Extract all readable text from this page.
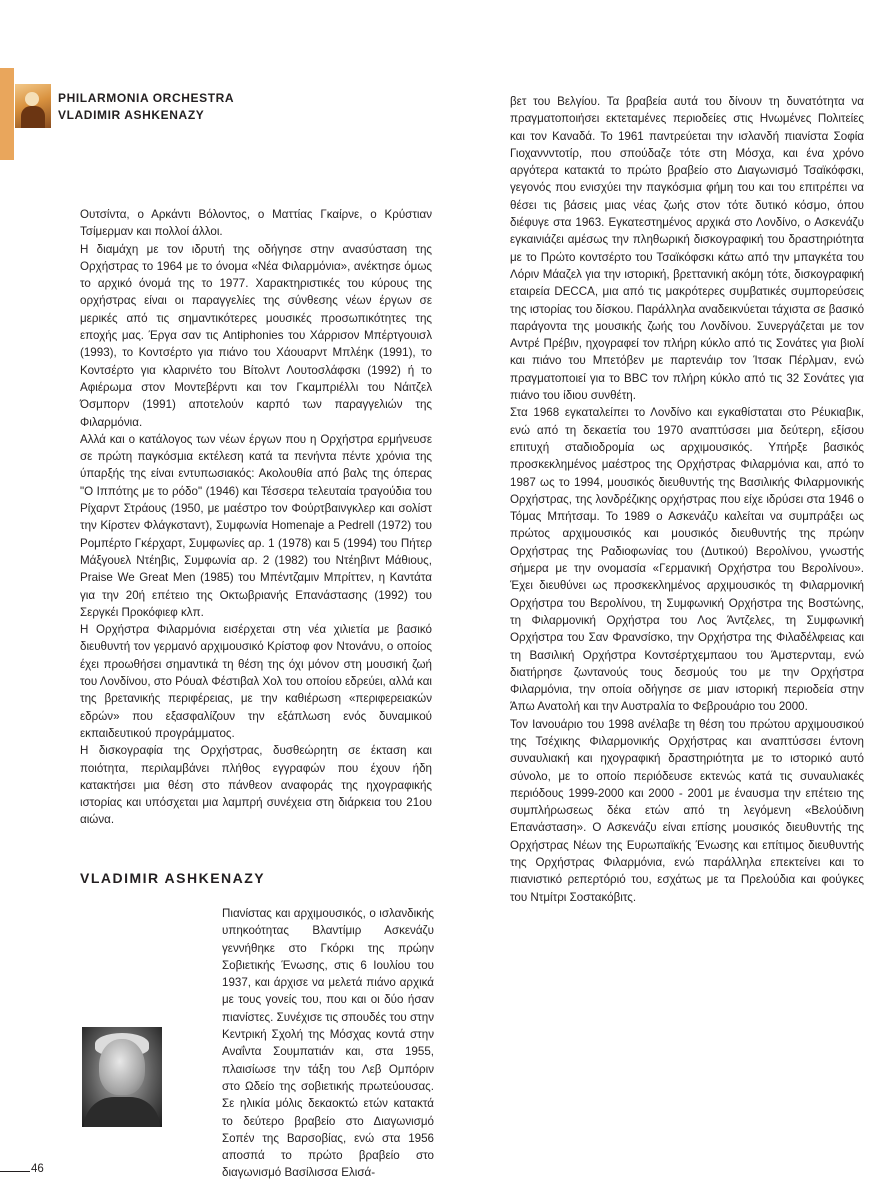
PHILARMONIA ORCHESTRA
VLADIMIR ASHKENAZY

Ουτσίντα, ο Αρκάντι Βόλοντος, ο Ματτίας Γκαίρνε, ο Κρύστιαν Τσίμερμαν και πολλοί άλλοι.

Η διαμάχη με τον ιδρυτή της οδήγησε στην ανασύσταση της Ορχήστρας το 1964 με το όνομα «Νέα Φιλαρμόνια», ανέκτησε όμως το αρχικό όνομά της το 1977. Χαρακτηριστικές του κύρους της ορχήστρας είναι οι παραγγελίες της σύνθεσης νέων έργων σε μερικές από τις σημαντικότερες μουσικές προσωπικότητες της εποχής μας. Έργα σαν τις Antiphonies του Χάρρισον Μπέρτγουισλ (1993), το Κοντσέρτο για πιάνο του Χάουαρντ Μπλέηκ (1991), το Κοντσέρτο για κλαρινέτο του Βίτολντ Λουτοσλάφσκι (1992) ή το Αφιέρωμα στον Μοντεβέρντι και τον Γκαμπριέλλι του Νάιτζελ Όσμπορν (1991) αποτελούν καρπό των παραγγελιών της Φιλαρμόνια.

Αλλά και ο κατάλογος των νέων έργων που η Ορχήστρα ερμήνευσε σε πρώτη παγκόσμια εκτέλεση κατά τα πενήντα πέντε χρόνια της ύπαρξής της είναι εντυπωσιακός: Ακολουθία από βαλς της όπερας "Ο Ιππότης με το ρόδο" (1946) και Τέσσερα τελευταία τραγούδια του Ρίχαρντ Στράους (1950, με μαέστρο τον Φούρτβαινγκλερ και σολίστ την Κίρστεν Φλάγκσταντ), Συμφωνία Homenaje a Pedrell (1972) του Ρομπέρτο Γκέρχαρτ, Συμφωνίες αρ. 1 (1978) και 5 (1994) του Πήτερ Μάξγουελ Ντέηβις, Συμφωνία αρ. 2 (1982) του Ντέηβιντ Μάθιους, Praise We Great Men (1985) του Μπέντζαμιν Μπρίττεν, η Καντάτα για την 20ή επέτειο της Οκτωβριανής Επανάστασης (1992) του Σεργκέι Προκόφιεφ κλπ.

Η Ορχήστρα Φιλαρμόνια εισέρχεται στη νέα χιλιετία με βασικό διευθυντή τον γερμανό αρχιμουσικό Κρίστοφ φον Ντονάνυ, ο οποίος έχει προωθήσει σημαντικά τη θέση της όχι μόνον στη μουσική ζωή του Λονδίνου, στο Ρόυαλ Φέστιβαλ Χολ του οποίου εδρεύει, αλλά και της βρετανικής περιφέρειας, με την καθιέρωση «περιφερειακών εδρών» που εξασφαλίζουν την εξάπλωση ενός δυναμικού εκπαιδευτικού προγράμματος.

Η δισκογραφία της Ορχήστρας, δυσθεώρητη σε έκταση και ποιότητα, περιλαμβάνει πλήθος εγγραφών που έχουν ήδη κατακτήσει μια θέση στο πάνθεον αναφοράς της ηχογραφικής ιστορίας και υπόσχεται μια λαμπρή συνέχεια στη διάρκεια του 21ου αιώνα.

VLADIMIR ASHKENAZY

Πιανίστας και αρχιμουσικός, ο ισλανδικής υπηκοότητας Βλαντίμιρ Ασκενάζυ γεννήθηκε στο Γκόρκι της πρώην Σοβιετικής Ένωσης, στις 6 Ιουλίου του 1937, και άρχισε να μελετά πιάνο αρχικά με τους γονείς του, που και οι δύο ήσαν πιανίστες. Συνέχισε τις σπουδές του στην Κεντρική Σχολή της Μόσχας κοντά στην Αναΐντα Σουμπατιάν και, στα 1955, πλαισίωσε την τάξη του Λεβ Ομπόριν στο Ωδείο της σοβιετικής πρωτεύουσας. Σε ηλικία μόλις δεκαοκτώ ετών κατακτά το δεύτερο βραβείο στο Διαγωνισμό Σοπέν της Βαρσοβίας, ενώ στα 1956 αποσπά το πρώτο βραβείο στο διαγωνισμό Βασίλισσα Ελισά-

βετ του Βελγίου. Τα βραβεία αυτά του δίνουν τη δυνατότητα να πραγματοποιήσει εκτεταμένες περιοδείες στις Ηνωμένες Πολιτείες και τον Καναδά. Το 1961 παντρεύεται την ισλανδή πιανίστα Σοφία Γιοχαννντοτίρ, που σπούδαζε τότε στη Μόσχα, και ένα χρόνο αργότερα κατακτά το πρώτο βραβείο στο Διαγωνισμό Τσαϊκόφσκι, γεγονός που ενισχύει την παγκόσμια φήμη του και του επιτρέπει να θέσει τις βάσεις μιας νέας ζωής στον τότε δυτικό κόσμο, όπου διέφυγε στα 1963. Εγκατεστημένος αρχικά στο Λονδίνο, ο Ασκενάζυ εγκαινιάζει αμέσως την πληθωρική δισκογραφική του δραστηριότητα με το Πρώτο κοντσέρτο του Τσαϊκόφσκι κάτω από την μπαγκέτα του Λόριν Μάαζελ για την ιστορική, βρεττανική ακόμη τότε, δισκογραφική εταιρεία DECCA, μια από τις μακρότερες συμβατικές συμπορεύσεις της ιστορίας του δίσκου. Παράλληλα αναδεικνύεται τάχιστα σε βασικό παράγοντα της μουσικής ζωής του Λονδίνου. Συνεργάζεται με τον Αντρέ Πρέβιν, ηχογραφεί τον πλήρη κύκλο από τις Σονάτες για βιολί και πιάνο του Μπετόβεν με παρτενάιρ τον Ίτσακ Πέρλμαν, ενώ πραγματοποιεί για το BBC τον πλήρη κύκλο από τις 32 Σονάτες για πιάνο του ίδιου συνθέτη.

Στα 1968 εγκαταλείπει το Λονδίνο και εγκαθίσταται στο Ρέυκιαβικ, ενώ από τη δεκαετία του 1970 αναπτύσσει μια δεύτερη, εξίσου επιτυχή σταδιοδρομία ως αρχιμουσικός. Υπήρξε βασικός προσκεκλημένος μαέστρος της Ορχήστρας Φιλαρμόνια και, από το 1987 ως το 1994, μουσικός διευθυντής της Βασιλικής Φιλαρμονικής Ορχήστρας, της λονδρέζικης ορχήστρας που είχε ιδρύσει στα 1946 ο Τόμας Μπήτσαμ. Το 1989 ο Ασκενάζυ καλείται να συμπράξει ως πρώτος αρχιμουσικός και μουσικός διευθυντής της πρώην Ορχήστρας της Ραδιοφωνίας του (Δυτικού) Βερολίνου, γνωστής σήμερα με την ονομασία «Γερμανική Ορχήστρα του Βερολίνου». Έχει διευθύνει ως προσκεκλημένος αρχιμουσικός τη Φιλαρμονική Ορχήστρα του Βερολίνου, τη Συμφωνική Ορχήστρα της Βοστώνης, τη Φιλαρμονική Ορχήστρα του Λος Άντζελες, τη Συμφωνική Ορχήστρα του Σαν Φρανσίσκο, την Ορχήστρα της Φιλαδέλφειας και τη Βασιλική Ορχήστρα Κοντσέρτχεμπαου του Άμστερνταμ, ενώ διατήρησε ζωντανούς τους δεσμούς του με την Ορχήστρα Φιλαρμόνια, την οποία οδήγησε σε μιαν ιστορική περιοδεία στην Άπω Ανατολή και την Αυστραλία το Φεβρουάριο του 2000.

Τον Ιανουάριο του 1998 ανέλαβε τη θέση του πρώτου αρχιμουσικού της Τσέχικης Φιλαρμονικής Ορχήστρας και αναπτύσσει έντονη συναυλιακή και ηχογραφική δραστηριότητα με το ιστορικό αυτό σύνολο, με το οποίο περιόδευσε εκτενώς κατά τις συναυλιακές περιόδους 1999-2000 και 2000 - 2001 με έναυσμα την επέτειο της συμπλήρωσεως δέκα ετών από τη λεγόμενη «Βελούδινη Επανάσταση». Ο Ασκενάζυ είναι επίσης μουσικός διευθυντής της Ορχήστρας Νέων της Ευρωπαϊκής Ένωσης και επίτιμος διευθυντής της Ορχήστρας Φιλαρμόνια, ενώ παράλληλα επεκτείνει και το πιανιστικό ρεπερτόριό του, εσχάτως με τα Πρελούδια και φούγκες του Ντμίτρι Σοστακόβιτς.

46
